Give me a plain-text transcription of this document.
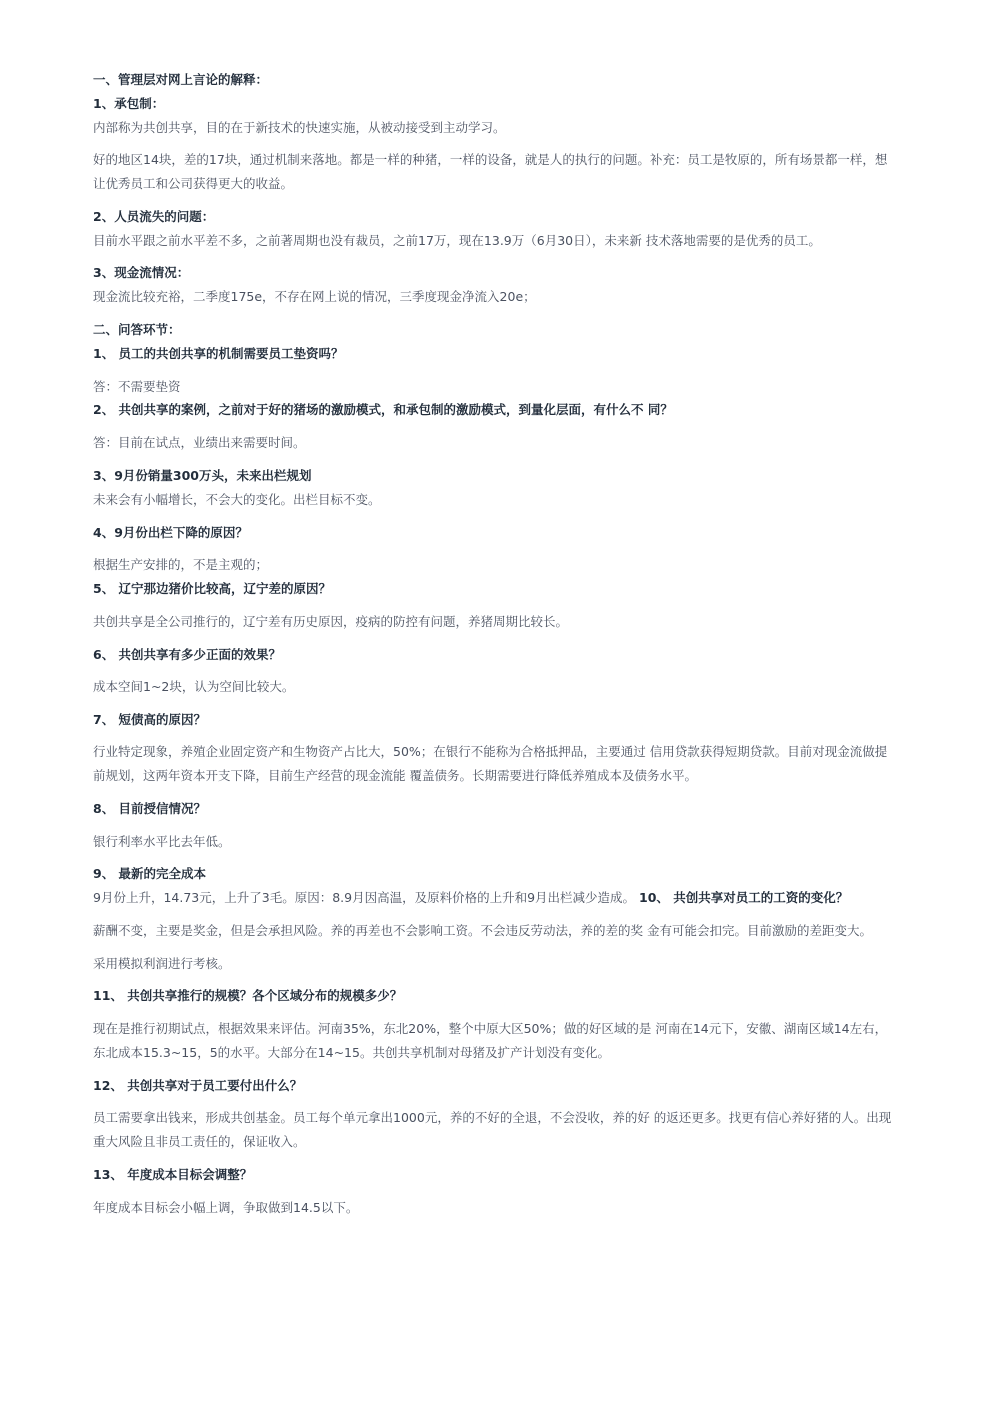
一、管理层对网上言论的解释：
1、承包制：
内部称为共创共享，目的在于新技术的快速实施，从被动接受到主动学习。
好的地区14块，差的17块，通过机制来落地。都是一样的种猪，一样的设备，就是人的执行的问题。补充：员工是牧原的，所有场景都一样，想
让优秀员工和公司获得更大的收益。
2、人员流失的问题：
目前水平跟之前水平差不多，之前著周期也没有裁员，之前17万，现在13.9万（6月30日），未来新 技术落地需要的是优秀的员工。
3、现金流情况：
现金流比较充裕，二季度175e，不存在网上说的情况，三季度现金净流入20e；
二、问答环节：
1、 员工的共创共享的机制需要员工垫资吗？
答：不需要垫资
2、 共创共享的案例，之前对于好的猪场的激励模式，和承包制的激励模式，到量化层面，有什么不 同？
答：目前在试点，业绩出来需要时间。
3、9月份销量300万头，未来出栏规划
未来会有小幅增长，不会大的变化。出栏目标不变。
4、9月份出栏下降的原因？
根据生产安排的，不是主观的；
5、 辽宁那边猪价比较高，辽宁差的原因？
共创共享是全公司推行的，辽宁差有历史原因，疫病的防控有问题，养猪周期比较长。
6、 共创共享有多少正面的效果？
成本空间1~2块，认为空间比较大。
7、 短债高的原因？
行业特定现象，养殖企业固定资产和生物资产占比大，50%；在银行不能称为合格抵押品，主要通过 信用贷款获得短期贷款。目前对现金流做提
前规划，这两年资本开支下降，目前生产经营的现金流能 覆盖债务。长期需要进行降低养殖成本及债务水平。
8、 目前授信情况？
银行利率水平比去年低。
9、 最新的完全成本
9月份上升，14.73元，上升了3毛。原因：8.9月因高温，及原料价格的上升和9月出栏减少造成。 10、 共创共享对员工的工资的变化？
薪酬不变，主要是奖金，但是会承担风险。养的再差也不会影响工资。不会违反劳动法，养的差的奖 金有可能会扣完。目前激励的差距变大。
采用模拟利润进行考核。
11、 共创共享推行的规模？各个区域分布的规模多少？
现在是推行初期试点，根据效果来评估。河南35%，东北20%，整个中原大区50%；做的好区域的是 河南在14元下，安徽、湖南区域14左右，
东北成本15.3~15，5的水平。大部分在14~15。共创共享机制对母猪及扩产计划没有变化。
12、 共创共享对于员工要付出什么？
员工需要拿出钱来，形成共创基金。员工每个单元拿出1000元，养的不好的全退，不会没收，养的好 的返还更多。找更有信心养好猪的人。出现
重大风险且非员工责任的，保证收入。
13、 年度成本目标会调整？
年度成本目标会小幅上调，争取做到14.5以下。
